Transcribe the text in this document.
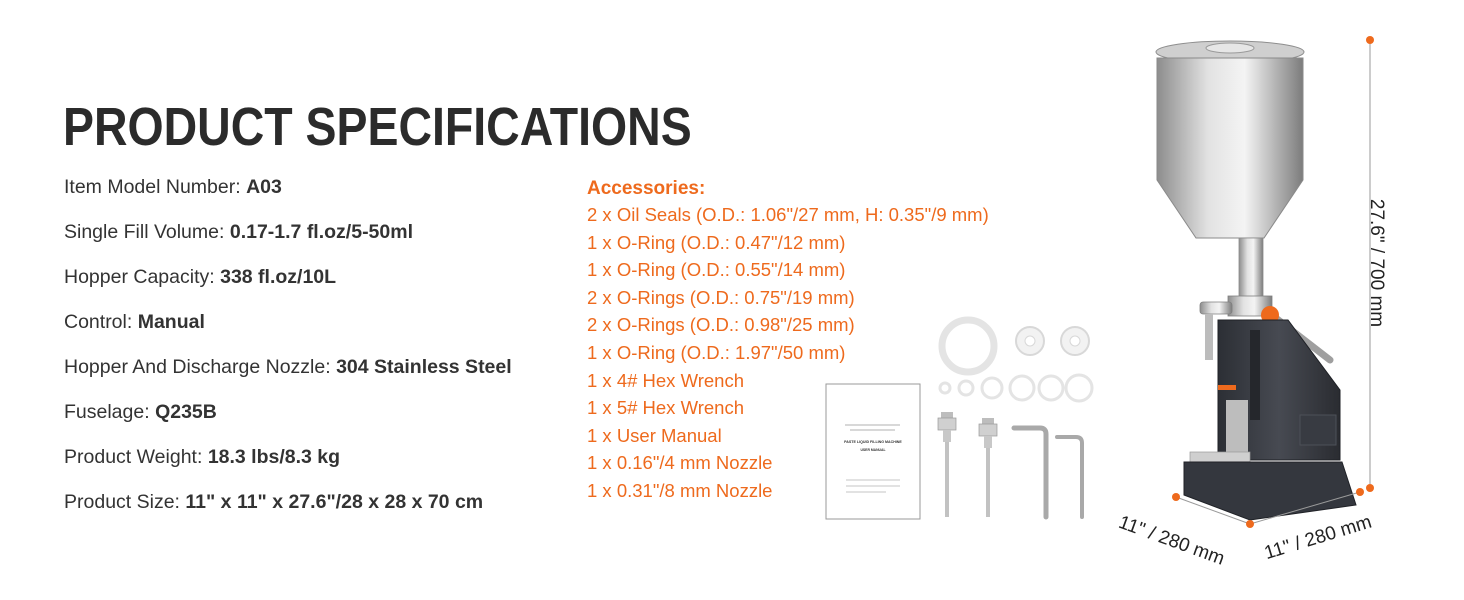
PRODUCT SPECIFICATIONS
Item Model Number: A03
Single Fill Volume: 0.17-1.7 fl.oz/5-50ml
Hopper Capacity: 338 fl.oz/10L
Control: Manual
Hopper And Discharge Nozzle: 304 Stainless Steel
Fuselage: Q235B
Product Weight: 18.3 lbs/8.3 kg
Product Size: 11" x 11" x 27.6"/28 x 28 x 70 cm
Accessories:
2 x Oil Seals (O.D.: 1.06"/27 mm, H: 0.35"/9 mm)
1 x O-Ring (O.D.: 0.47"/12 mm)
1 x O-Ring (O.D.: 0.55"/14 mm)
2 x O-Rings (O.D.: 0.75"/19 mm)
2 x O-Rings (O.D.: 0.98"/25 mm)
1 x O-Ring (O.D.: 1.97"/50 mm)
1 x 4# Hex Wrench
1 x 5# Hex Wrench
1 x User Manual
1 x 0.16"/4 mm Nozzle
1 x 0.31"/8 mm Nozzle
PASTE LIQUID FILLING MACHINE
USER MANUAL
27.6" / 700 mm
11" / 280 mm 11" / 280 mm
